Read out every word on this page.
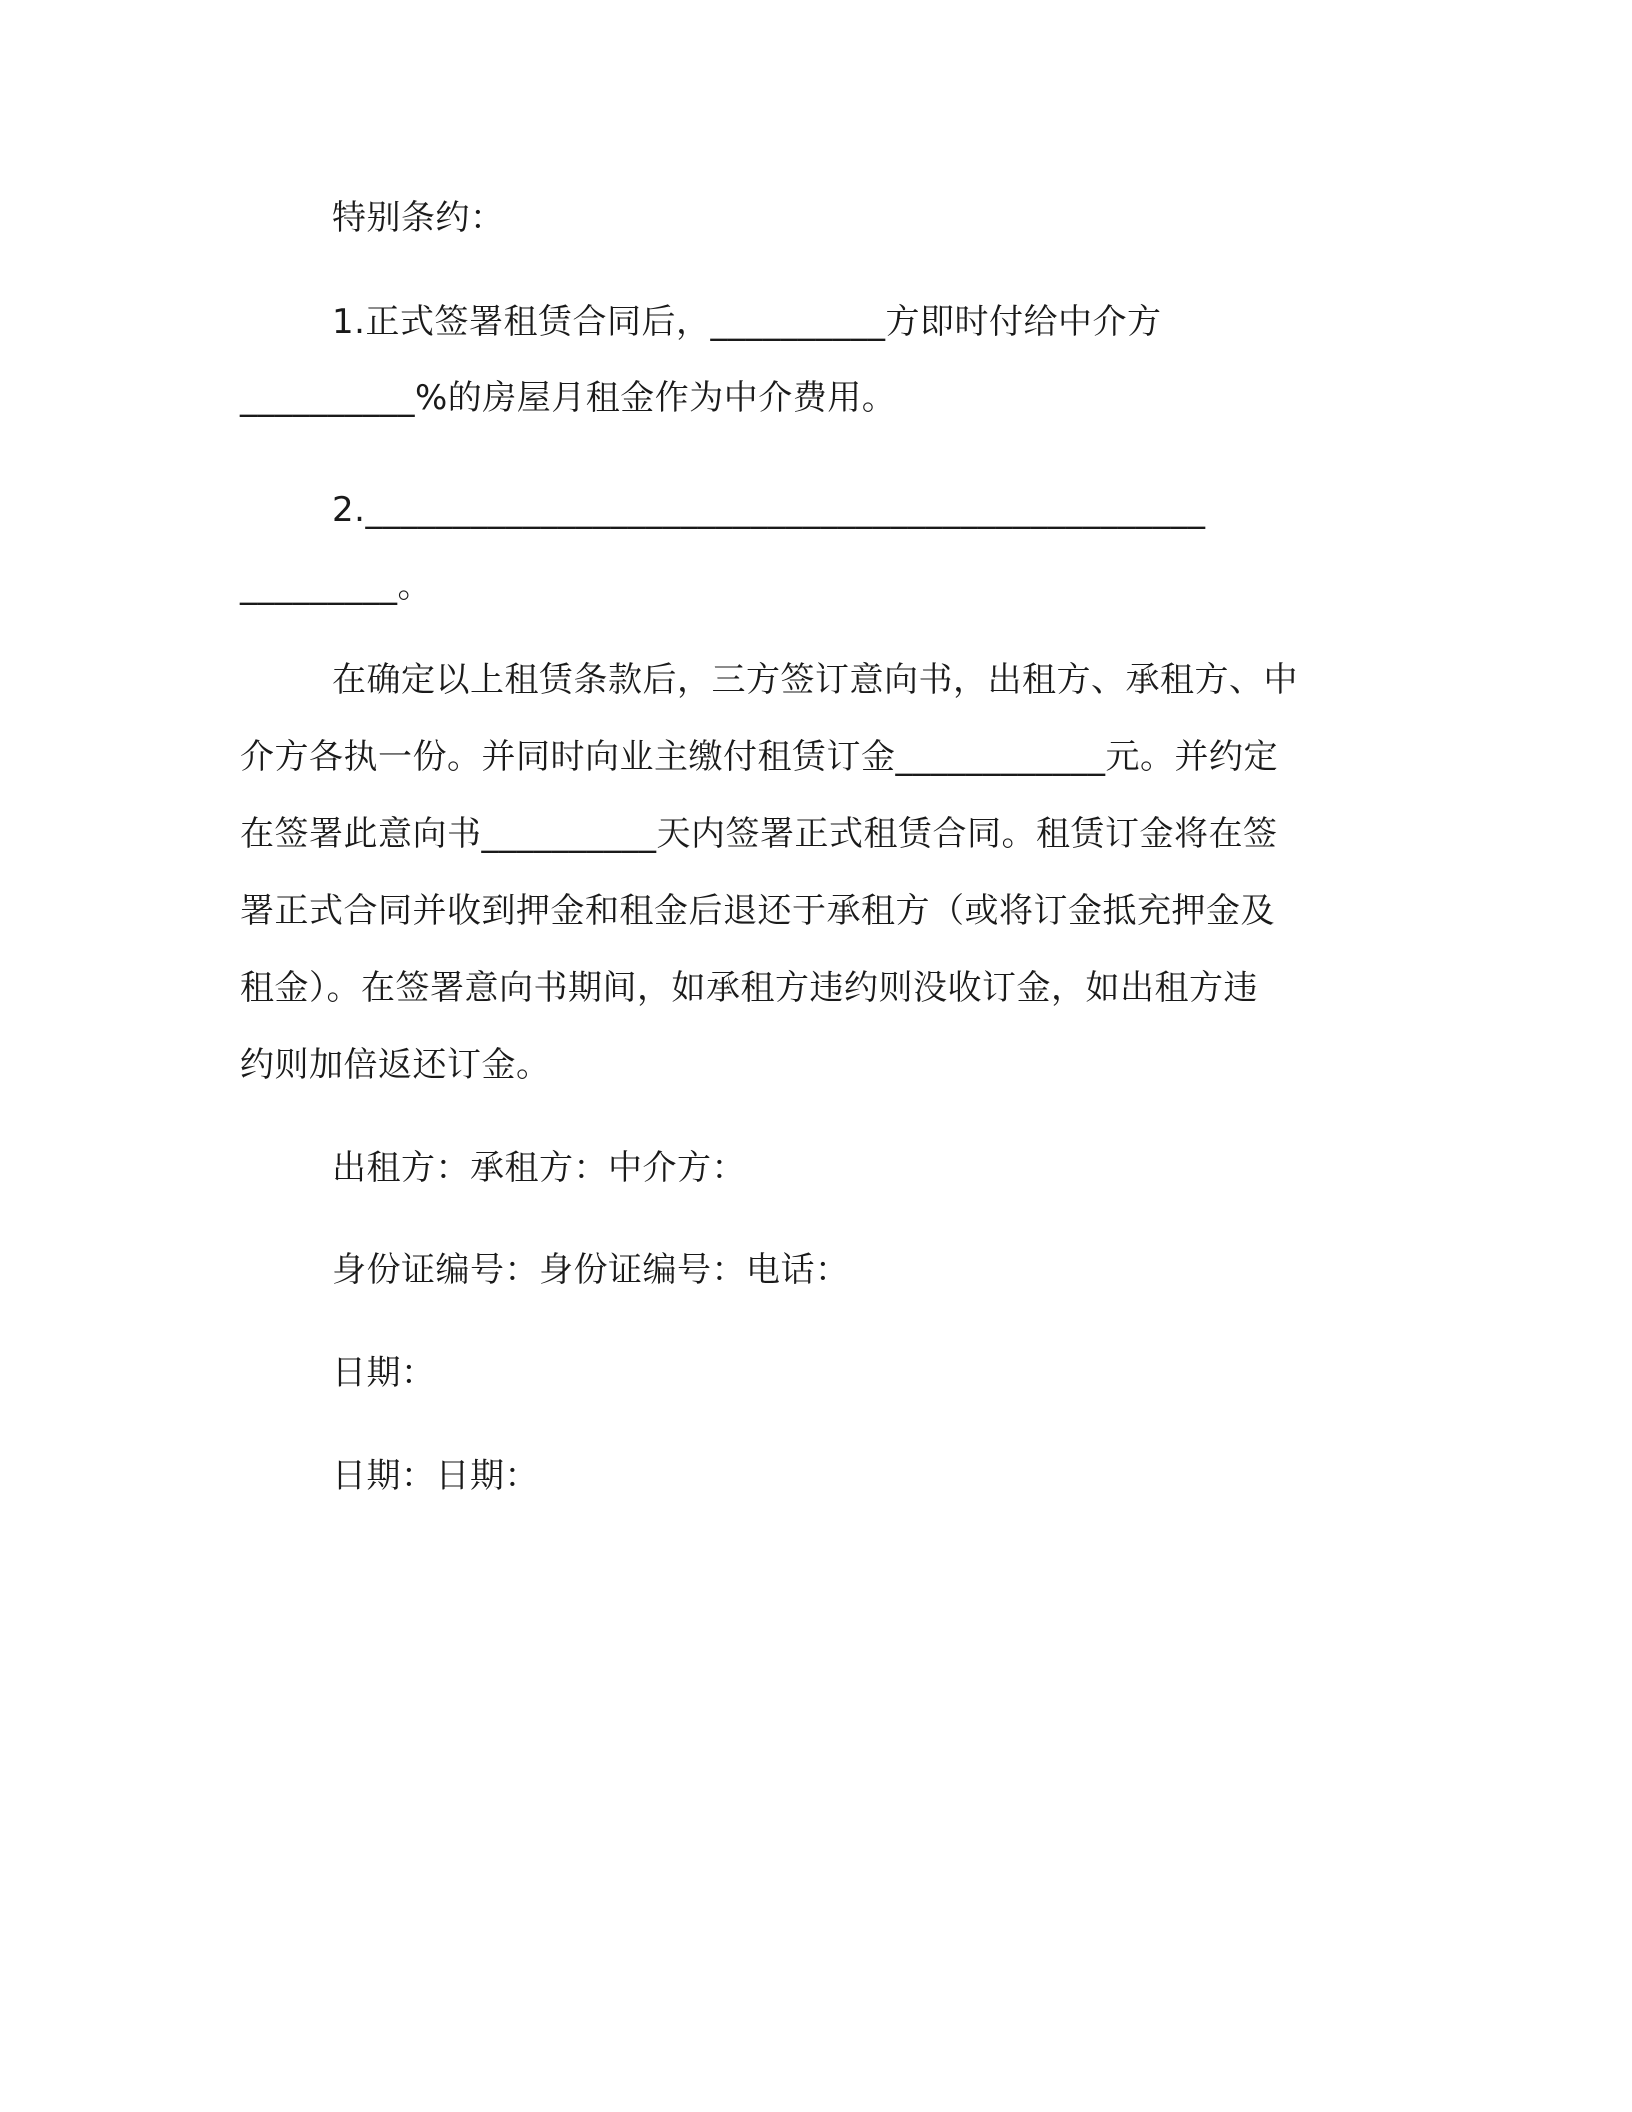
特别条约：
1.正式签署租赁合同后，__________方即时付给中介方
__________%的房屋月租金作为中介费用。
2.________________________________________________
_________。
在确定以上租赁条款后，三方签订意向书，出租方、承租方、中
介方各执一份。并同时向业主缴付租赁订金____________元。并约定
在签署此意向书__________天内签署正式租赁合同。租赁订金将在签
署正式合同并收到押金和租金后退还于承租方（或将订金抵充押金及
租金）。在签署意向书期间，如承租方违约则没收订金，如出租方违
约则加倍返还订金。
出租方：承租方：中介方：
身份证编号：身份证编号：电话：
日期：
日期：日期：
